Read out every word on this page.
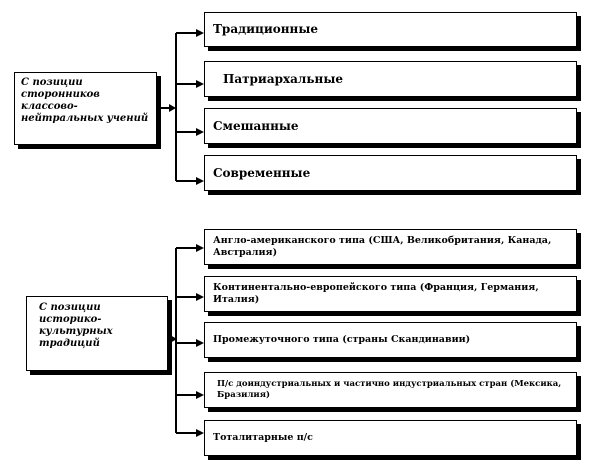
С позиции сторонников классово-нейтральных учений
Традиционные
Патриархальные
Смешанные
Современные
С позиции историко-культурных традиций
Англо-американского типа (США, Великобритания, Канада, Австралия)
Континентально-европейского типа (Франция, Германия, Италия)
Промежуточного типа (страны Скандинавии)
П/с доиндустриальных и частично индустриальных стран (Мексика, Бразилия)
Тоталитарные п/с
